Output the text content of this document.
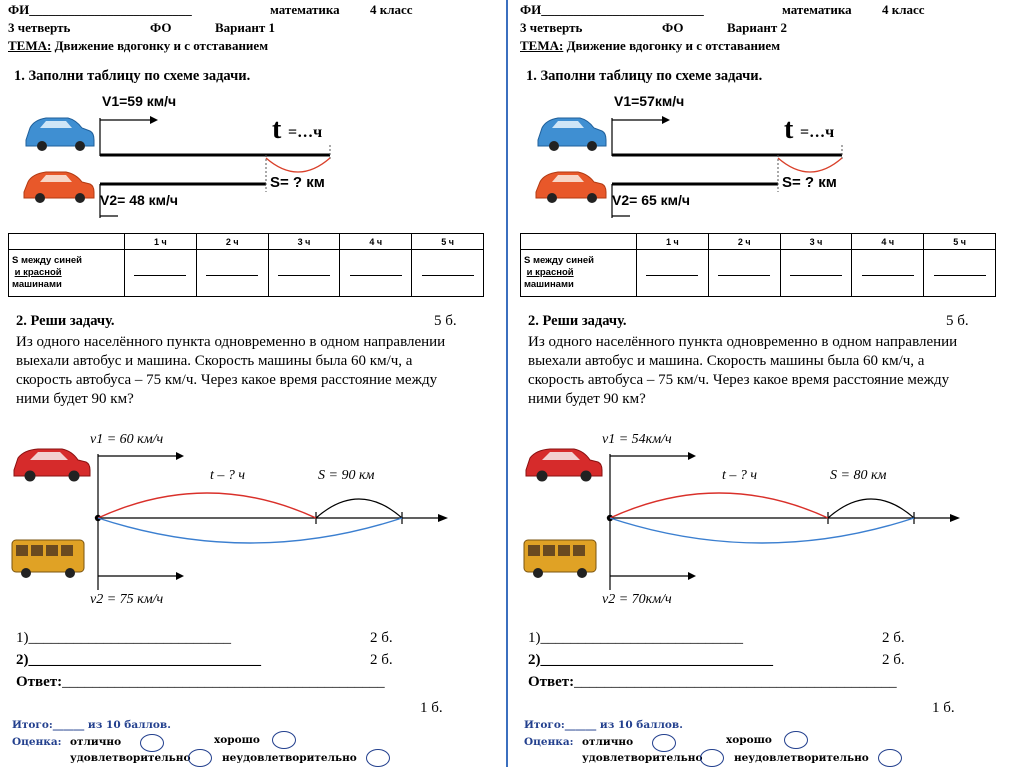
ФИ_________________________	математика 4 класс
3 четверть	ФО	Вариант 1
ТЕМА: Движение вдогонку и с отставанием
1. Заполни таблицу по схеме задачи.
V1=59 км/ч
V2= 48 км/ч
t =…ч
S= ? км
	1 ч	2 ч	3 ч	4 ч	5 ч
S между синей
и красной
машинами					
2. Реши задачу.	5 б.
Из одного населённого пункта одновременно в одном направлении выехали автобус и машина. Скорость машины была 60 км/ч, а скорость автобуса – 75 км/ч. Через какое время расстояние между ними будет 90 км?
v1 = 60 км/ч
v2 = 75 км/ч
t – ? ч	S = 90 км
1)___________________________	2 б.
2)_______________________________	2 б.
Ответ:___________________________________________
1 б.
Итого:______ из 10 баллов.
Оценка: отлично	хорошо
удовлетворительно	неудовлетворительно
ФИ_________________________	математика 4 класс
3 четверть	ФО	Вариант 2
ТЕМА: Движение вдогонку и с отставанием
1. Заполни таблицу по схеме задачи.
V1=57км/ч
V2= 65 км/ч
t =…ч
S= ? км
	1 ч	2 ч	3 ч	4 ч	5 ч
S между синей
и красной
машинами					
2. Реши задачу.	5 б.
Из одного населённого пункта одновременно в одном направлении выехали автобус и машина. Скорость машины была 60 км/ч, а скорость автобуса – 75 км/ч. Через какое время расстояние между ними будет 90 км?
v1 = 54км/ч
v2 = 70км/ч
t – ? ч	S = 80 км
1)___________________________	2 б.
2)_______________________________	2 б.
Ответ:___________________________________________
1 б.
Итого:______ из 10 баллов.
Оценка: отлично	хорошо
удовлетворительно	неудовлетворительно
